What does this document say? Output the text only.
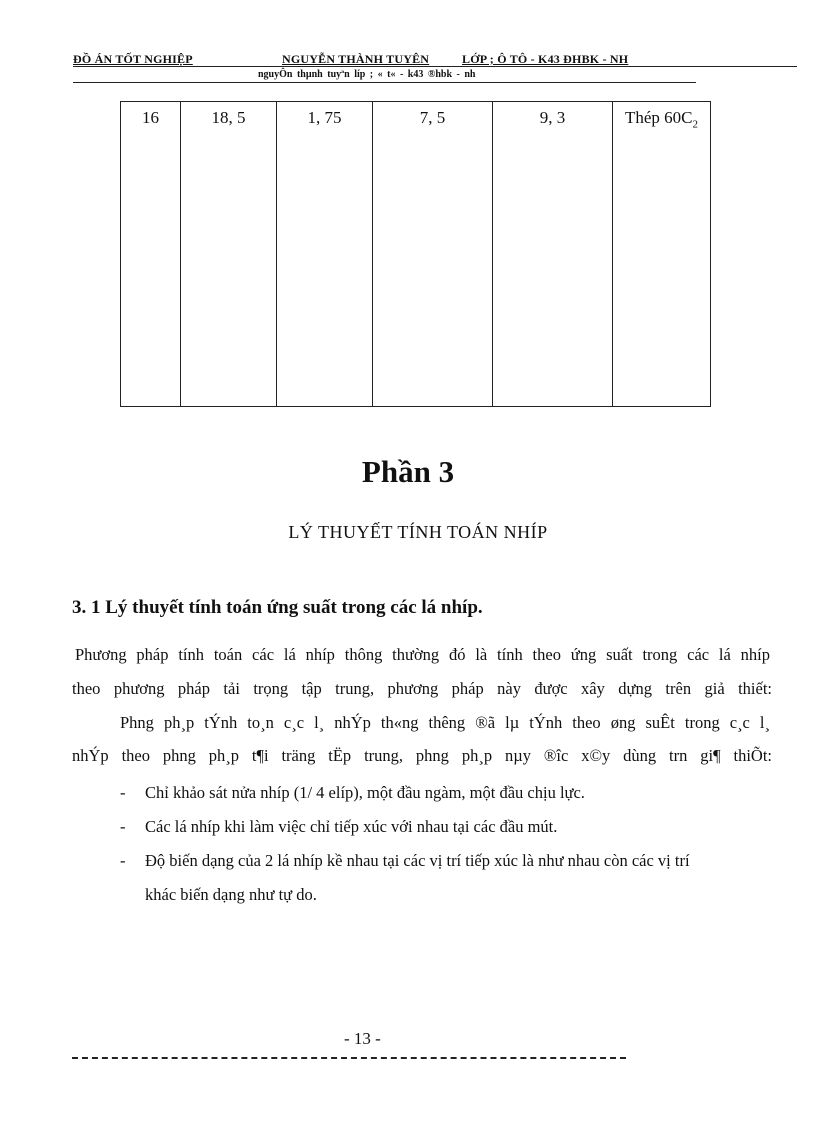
ĐỒ ÁN TỐT NGHIỆP	NGUYỄN THÀNH TUYÊN	LỚP ; Ô TÔ - K43 ĐHBK - NH
nguyÔn thµnh tuyªn líp ; « t« - k43 ®hbk - nh
16	18, 5	1, 75	7, 5	9, 3	Thép $60C_2$
Phần 3
LÝ THUYẾT TÍNH TOÁN NHÍP
3. 1 Lý thuyết tính toán ứng suất trong các lá nhíp.
Phương pháp tính toán các lá nhíp thông thường đó là tính theo ứng suất trong các lá nhíp
theo phương pháp tải trọng tập trung, phương pháp này được xây dựng trên giả thiết:
Phng ph¸p tÝnh to¸n c¸c l¸ nhÝp th«ng thêng ®ã lµ tÝnh theo øng suÊt trong c¸c l¸
nhÝp theo phng ph¸p t¶i träng tËp trung, phng ph¸p nµy ®îc x©y dùng trn gi¶ thiÕt:
- Chỉ khảo sát nửa nhíp (1/ 4 elíp), một đầu ngàm, một đầu chịu lực.
- Các lá nhíp khi làm việc chỉ tiếp xúc với nhau tại các đầu mút.
- Độ biến dạng của 2 lá nhíp kề nhau tại các vị trí tiếp xúc là như nhau còn các vị trí
khác biến dạng như tự do.
- 13 -
